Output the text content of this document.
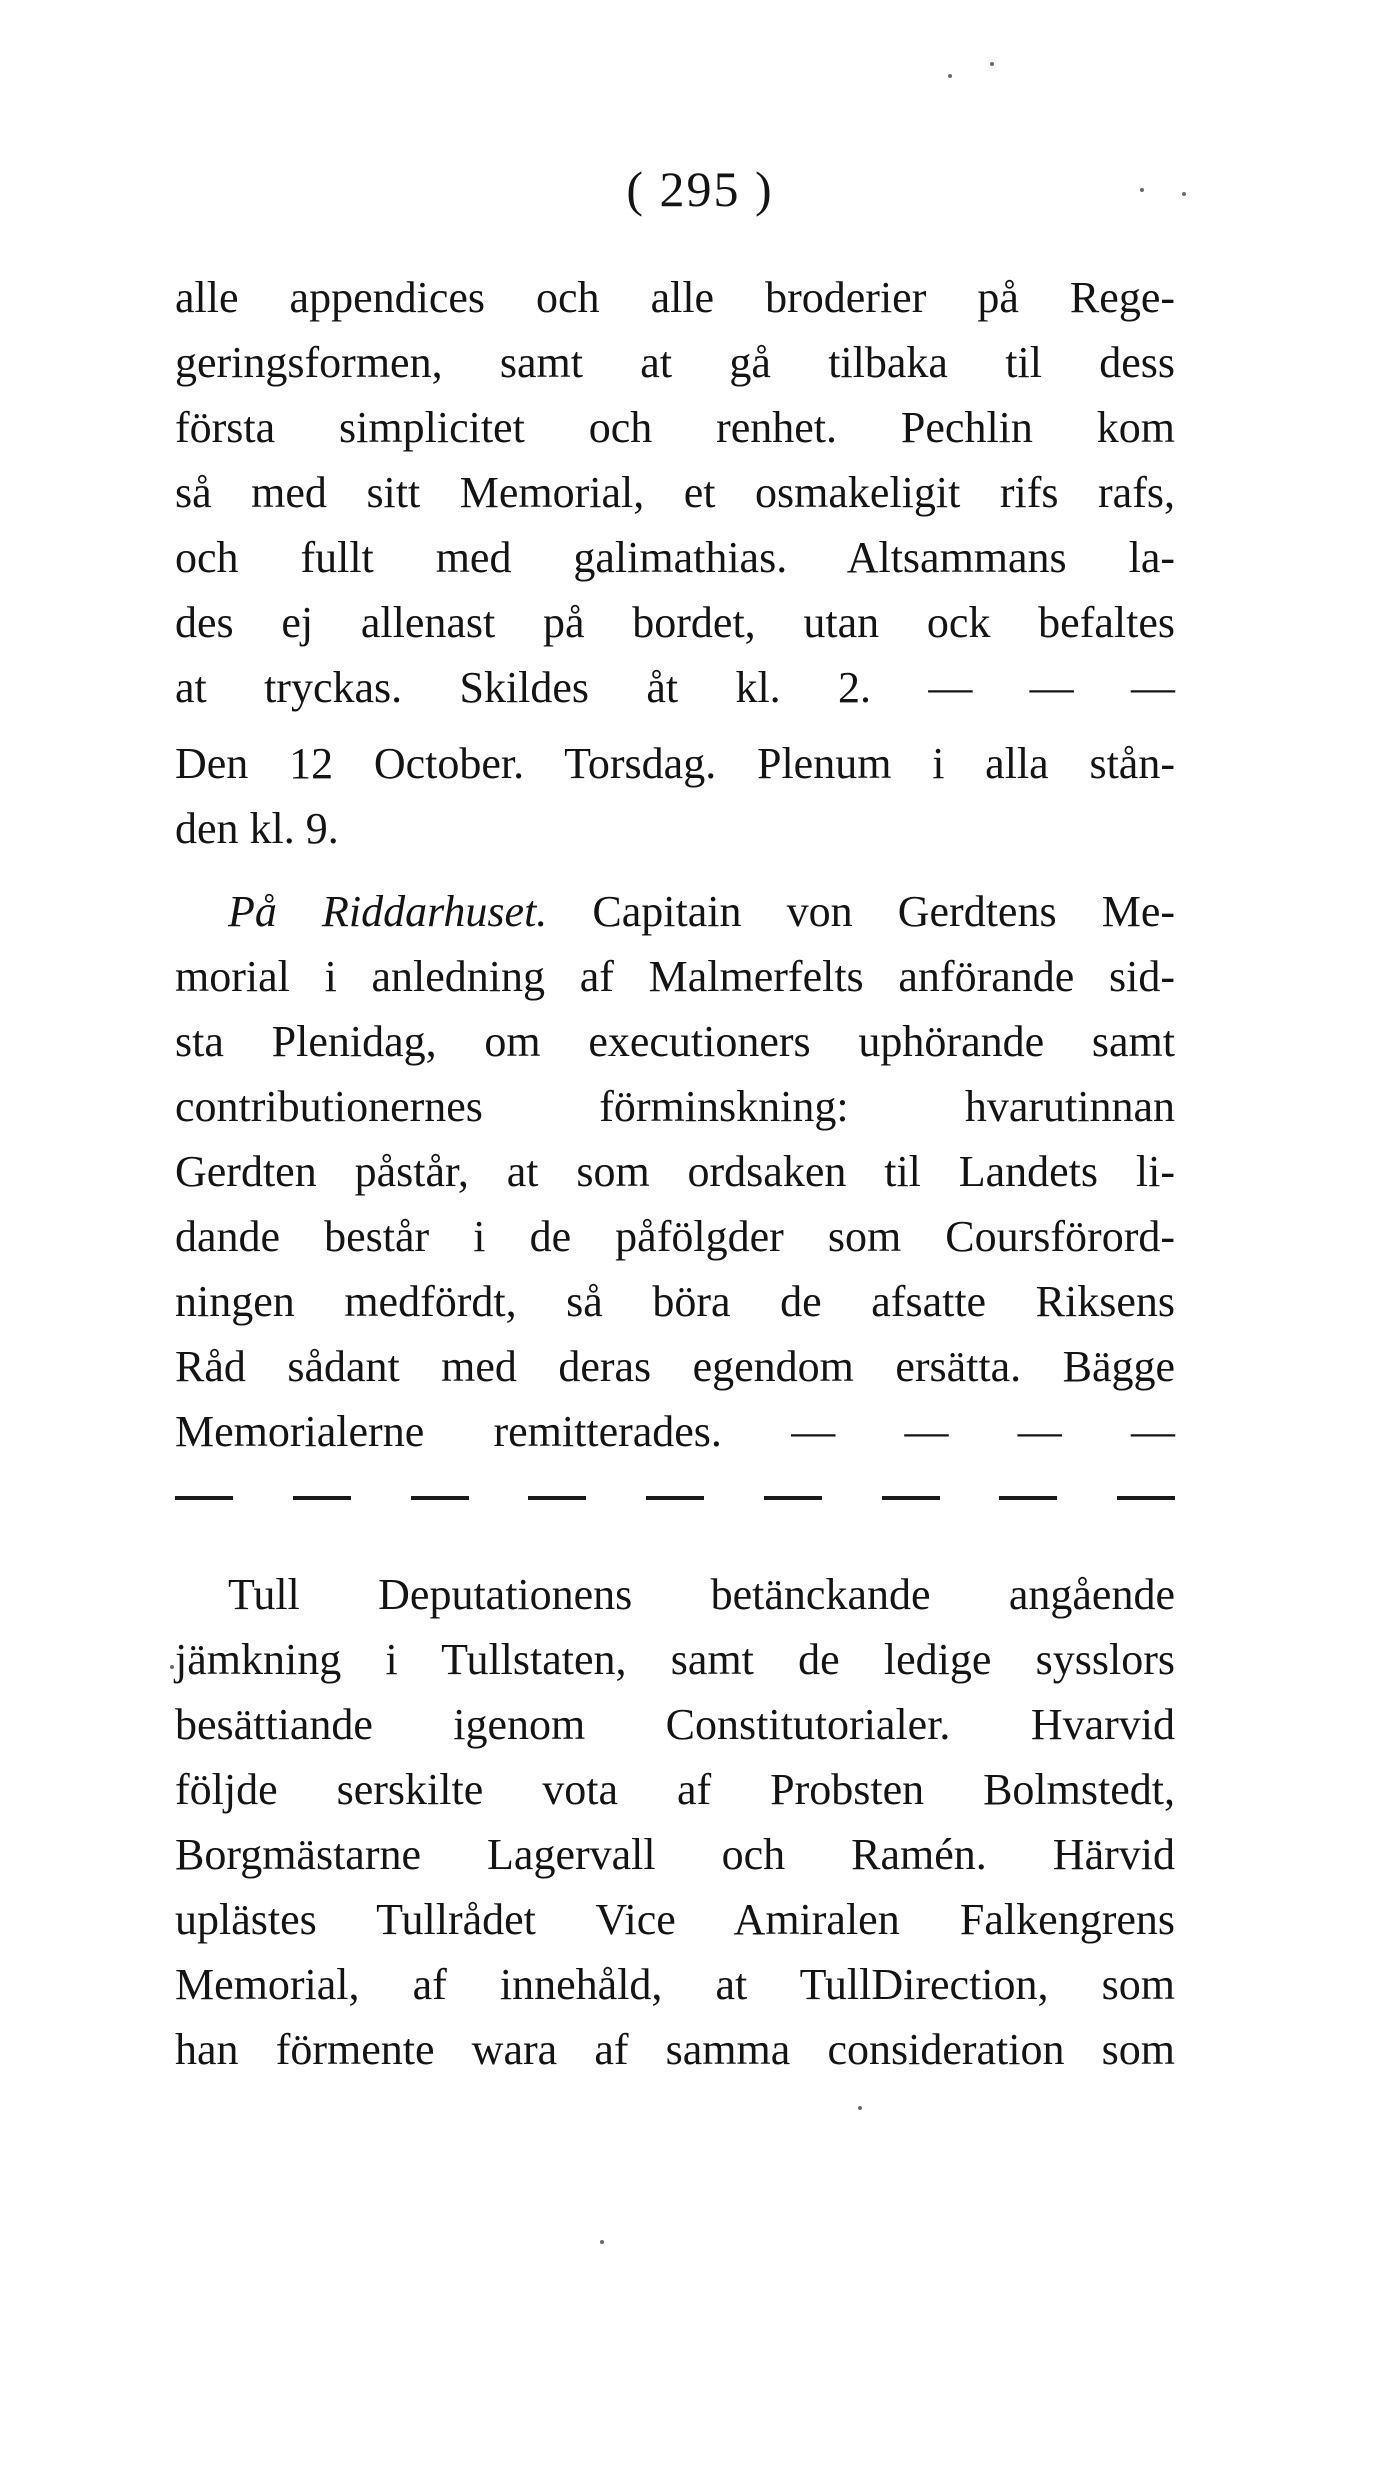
( 295 )
alle appendices och alle broderier på Rege-
geringsformen, samt at gå tilbaka til dess
första simplicitet och renhet. Pechlin kom
så med sitt Memorial, et osmakeligit rifs rafs,
och fullt med galimathias. Altsammans la-
des ej allenast på bordet, utan ock befaltes
at tryckas. Skildes åt kl. 2. — — —
Den 12 October. Torsdag. Plenum i alla stån-
den kl. 9.
På Riddarhuset. Capitain von Gerdtens Me-
morial i anledning af Malmerfelts anförande sid-
sta Plenidag, om executioners uphörande samt
contributionernes förminskning: hvarutinnan
Gerdten påstår, at som ordsaken til Landets li-
dande består i de påfölgder som Coursförord-
ningen medfördt, så böra de afsatte Riksens
Råd sådant med deras egendom ersätta. Bägge
Memorialerne remitterades. — — — —
Tull Deputationens betänckande angående
jämkning i Tullstaten, samt de ledige sysslors
besättiande igenom Constitutorialer. Hvarvid
följde serskilte vota af Probsten Bolmstedt,
Borgmästarne Lagervall och Ramén. Härvid
uplästes Tullrådet Vice Amiralen Falkengrens
Memorial, af innehåld, at TullDirection, som
han förmente wara af samma consideration som
